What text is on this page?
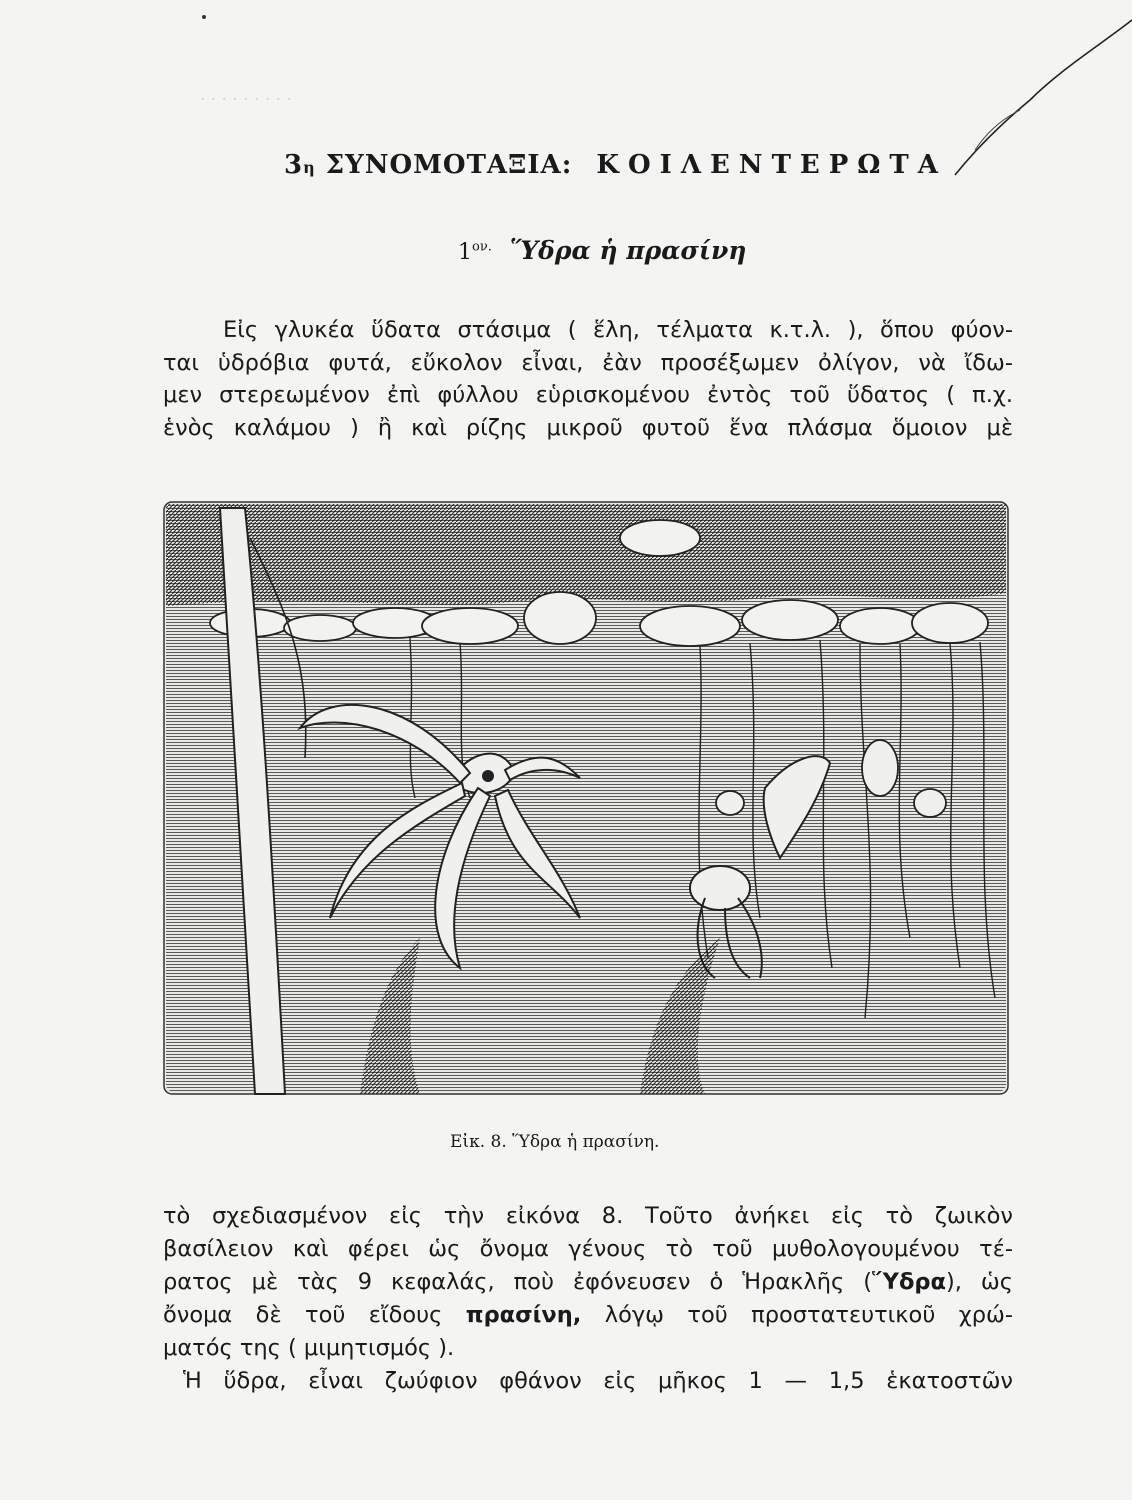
· · · · · · · · ·
3η ΣΥΝΟΜΟΤΑΞΙΑ: ΚΟΙΛΕΝΤΕΡΩΤΑ
$1^{o\nu.}$ Ὕδρα ἡ πρασίνη
Εἰς γλυκέα ὕδατα στάσιμα ( ἕλη, τέλματα κ.τ.λ. ), ὅπου φύον-
ται ὑδρόβια φυτά, εὔκολον εἶναι, ἐὰν προσέξωμεν ὀλίγον, νὰ ἴδω-
μεν στερεωμένον ἐπὶ φύλλου εὑρισκομένου ἐντὸς τοῦ ὕδατος ( π.χ.
ἑνὸς καλάμου ) ἢ καὶ ρίζης μικροῦ φυτοῦ ἕνα πλάσμα ὅμοιον μὲ
Εἰκ. 8. Ὕδρα ἡ πρασίνη.
τὸ σχεδιασμένον εἰς τὴν εἰκόνα 8. Τοῦτο ἀνήκει εἰς τὸ ζωικὸν
βασίλειον καὶ φέρει ὡς ὄνομα γένους τὸ τοῦ μυθολογουμένου τέ-
ρατος μὲ τὰς 9 κεφαλάς, ποὺ ἐφόνευσεν ὁ Ἡρακλῆς (Ὕδρα), ὡς
ὄνομα δὲ τοῦ εἴδους πρασίνη, λόγῳ τοῦ προστατευτικοῦ χρώ-
ματός της ( μιμητισμός ).
Ἡ ὕδρα, εἶναι ζωύφιον φθάνον εἰς μῆκος 1 — 1,5 ἑκατοστῶν
